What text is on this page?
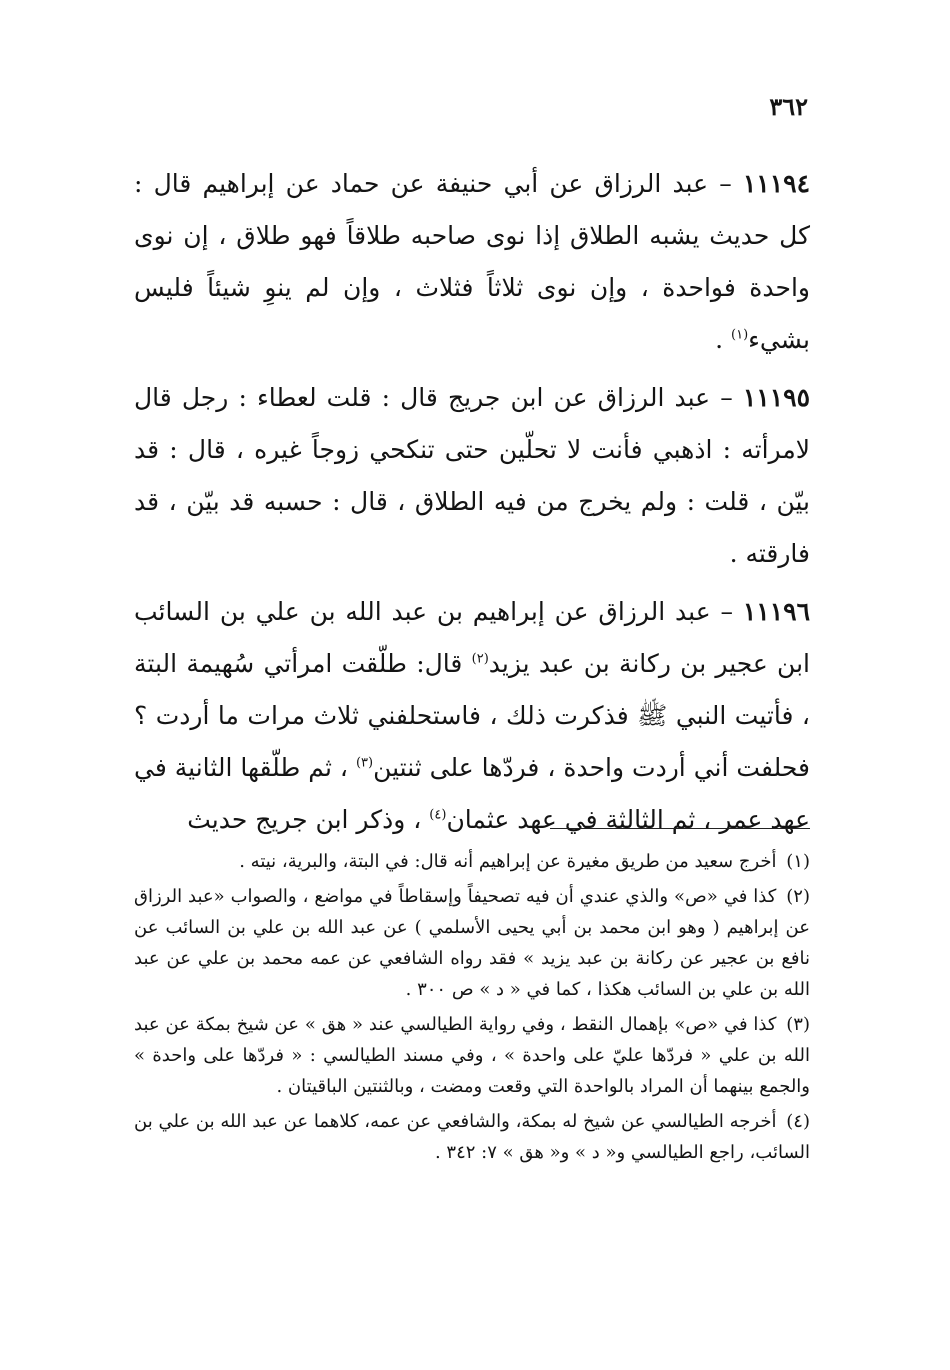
٣٦٢
١١١٩٤ – عبد الرزاق عن أبي حنيفة عن حماد عن إبراهيم قال : كل حديث يشبه الطلاق إذا نوى صاحبه طلاقاً فهو طلاق ، إن نوى واحدة فواحدة ، وإن نوى ثلاثاً فثلاث ، وإن لم ينوِ شيئاً فليس بشيء$^{(١)}$ .
١١١٩٥ – عبد الرزاق عن ابن جريج قال : قلت لعطاء : رجل قال لامرأته : اذهبي فأنت لا تحلّين حتى تنكحي زوجاً غيره ، قال : قد بيّن ، قلت : ولم يخرج من فيه الطلاق ، قال : حسبه قد بيّن ، قد فارقته .
١١١٩٦ – عبد الرزاق عن إبراهيم بن عبد الله بن علي بن السائب ابن عجير بن ركانة بن عبد يزيد$^{(٢)}$ قال: طلّقت امرأتي سُهيمة البتة ، فأتيت النبي ﷺ فذكرت ذلك ، فاستحلفني ثلاث مرات ما أردت ؟ فحلفت أني أردت واحدة ، فردّها على ثنتين$^{(٣)}$ ، ثم طلّقها الثانية في عهد عمر ، ثم الثالثة في عهد عثمان$^{(٤)}$ ، وذكر ابن جريج حديث
(١) أخرج سعيد من طريق مغيرة عن إبراهيم أنه قال: في البتة، والبرية، نيته .
(٢) كذا في «ص» والذي عندي أن فيه تصحيفاً وإسقاطاً في مواضع ، والصواب «عبد الرزاق عن إبراهيم ( وهو ابن محمد بن أبي يحيى الأسلمي ) عن عبد الله بن علي بن السائب عن نافع بن عجير عن ركانة بن عبد يزيد » فقد رواه الشافعي عن عمه محمد بن علي عن عبد الله بن علي بن السائب هكذا ، كما في « د » ص ٣٠٠ .
(٣) كذا في «ص» بإهمال النقط ، وفي رواية الطيالسي عند « هق » عن شيخ بمكة عن عبد الله بن علي « فردّها عليّ على واحدة » ، وفي مسند الطيالسي : « فردّها على واحدة » والجمع بينهما أن المراد بالواحدة التي وقعت ومضت ، وبالثنتين الباقيتان .
(٤) أخرجه الطيالسي عن شيخ له بمكة، والشافعي عن عمه، كلاهما عن عبد الله بن علي بن السائب، راجع الطيالسي و« د » و« هق » ٧: ٣٤٢ .
